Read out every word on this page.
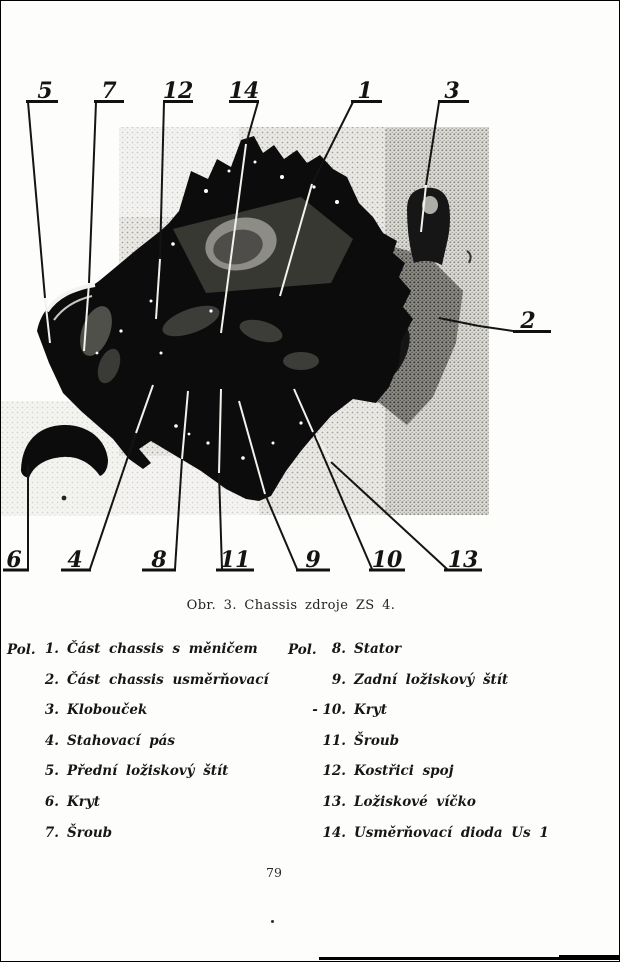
5 7 12 14	1	3
2
6 4	8 11	9 10 13
Obr. 3. Chassis zdroje ZS 4.
Pol.	Pol.
1. Část chassis s měničem
2. Část chassis usměrňovací
3. Klobouček
4. Stahovací pás
5. Přední ložiskový štít
6. Kryt
7. Šroub
8. Stator
9. Zadní ložiskový štít
- 10. Kryt
11. Šroub
12. Kostřici spoj
13. Ložiskové víčko
14. Usměrňovací dioda Us 1
79
